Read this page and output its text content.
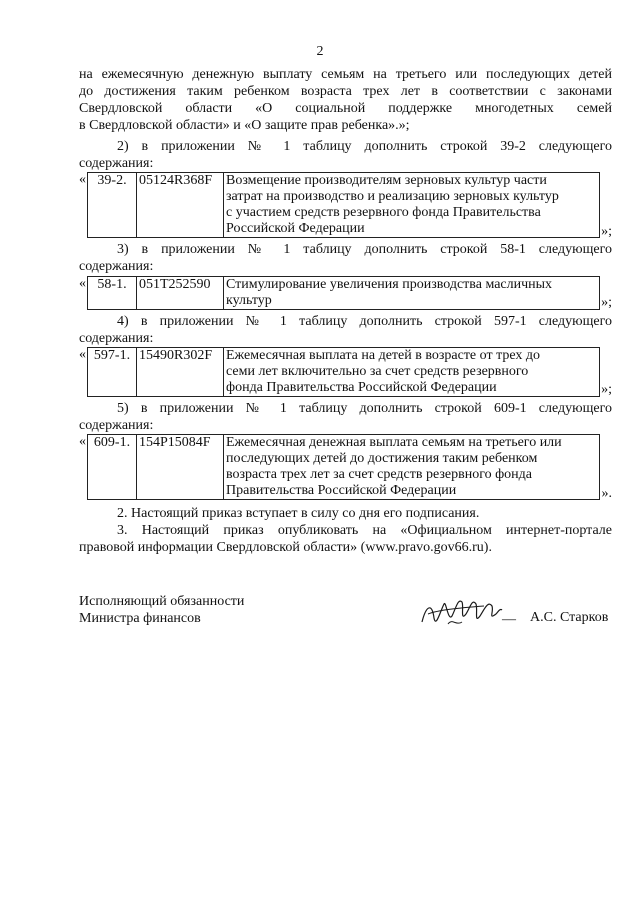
2
на ежемесячную денежную выплату семьям на третьего или последующих детей
до достижения таким ребенком возраста трех лет в соответствии с законами
Свердловской области «О социальной поддержке многодетных семей
в Свердловской области» и «О защите прав ребенка».»;
2) в приложении № 1 таблицу дополнить строкой 39-2 следующего
содержания:
« 39-2.	05124R368F	Возмещение производителям зерновых культур части
затрат на производство и реализацию зерновых культур
с участием средств резервного фонда Правительства
Российской Федерации	»;
3) в приложении № 1 таблицу дополнить строкой 58-1 следующего
содержания:
« 58-1.	051T252590	Стимулирование увеличения производства масличных
культур	»;
4) в приложении № 1 таблицу дополнить строкой 597-1 следующего
содержания:
« 597-1.	15490R302F	Ежемесячная выплата на детей в возрасте от трех до
семи лет включительно за счет средств резервного
фонда Правительства Российской Федерации	»;
5) в приложении № 1 таблицу дополнить строкой 609-1 следующего
содержания:
« 609-1.	154P15084F	Ежемесячная денежная выплата семьям на третьего или
последующих детей до достижения таким ребенком
возраста трех лет за счет средств резервного фонда
Правительства Российской Федерации	».
2. Настоящий приказ вступает в силу со дня его подписания.
3. Настоящий приказ опубликовать на «Официальном интернет-портале
правовой информации Свердловской области» (www.pravo.gov66.ru).
Исполняющий обязанности
Министра финансов	— А.С. Старков
